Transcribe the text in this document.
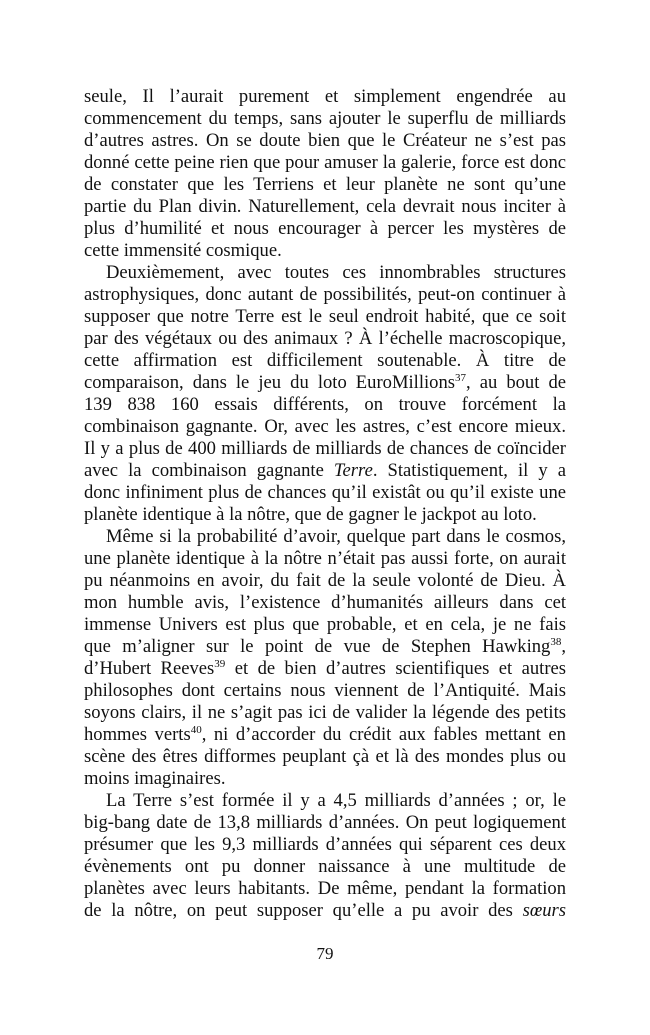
seule, Il l’aurait purement et simplement engendrée au
commencement du temps, sans ajouter le superflu de milliards
d’autres astres. On se doute bien que le Créateur ne s’est pas
donné cette peine rien que pour amuser la galerie, force est donc
de constater que les Terriens et leur planète ne sont qu’une
partie du Plan divin. Naturellement, cela devrait nous inciter à
plus d’humilité et nous encourager à percer les mystères de
cette immensité cosmique.
Deuxièmement, avec toutes ces innombrables structures
astrophysiques, donc autant de possibilités, peut-on continuer à
supposer que notre Terre est le seul endroit habité, que ce soit
par des végétaux ou des animaux ? À l’échelle macroscopique,
cette affirmation est difficilement soutenable. À titre de
comparaison, dans le jeu du loto EuroMillions$^{37}$, au bout de
139 838 160 essais différents, on trouve forcément la
combinaison gagnante. Or, avec les astres, c’est encore mieux.
Il y a plus de 400 milliards de milliards de chances de coïncider
avec la combinaison gagnante Terre. Statistiquement, il y a
donc infiniment plus de chances qu’il existât ou qu’il existe une
planète identique à la nôtre, que de gagner le jackpot au loto.
Même si la probabilité d’avoir, quelque part dans le cosmos,
une planète identique à la nôtre n’était pas aussi forte, on aurait
pu néanmoins en avoir, du fait de la seule volonté de Dieu. À
mon humble avis, l’existence d’humanités ailleurs dans cet
immense Univers est plus que probable, et en cela, je ne fais
que m’aligner sur le point de vue de Stephen Hawking$^{38}$,
d’Hubert Reeves$^{39}$ et de bien d’autres scientifiques et autres
philosophes dont certains nous viennent de l’Antiquité. Mais
soyons clairs, il ne s’agit pas ici de valider la légende des petits
hommes verts$^{40}$, ni d’accorder du crédit aux fables mettant en
scène des êtres difformes peuplant çà et là des mondes plus ou
moins imaginaires.
La Terre s’est formée il y a 4,5 milliards d’années ; or, le
big-bang date de 13,8 milliards d’années. On peut logiquement
présumer que les 9,3 milliards d’années qui séparent ces deux
évènements ont pu donner naissance à une multitude de
planètes avec leurs habitants. De même, pendant la formation
de la nôtre, on peut supposer qu’elle a pu avoir des sœurs
79
